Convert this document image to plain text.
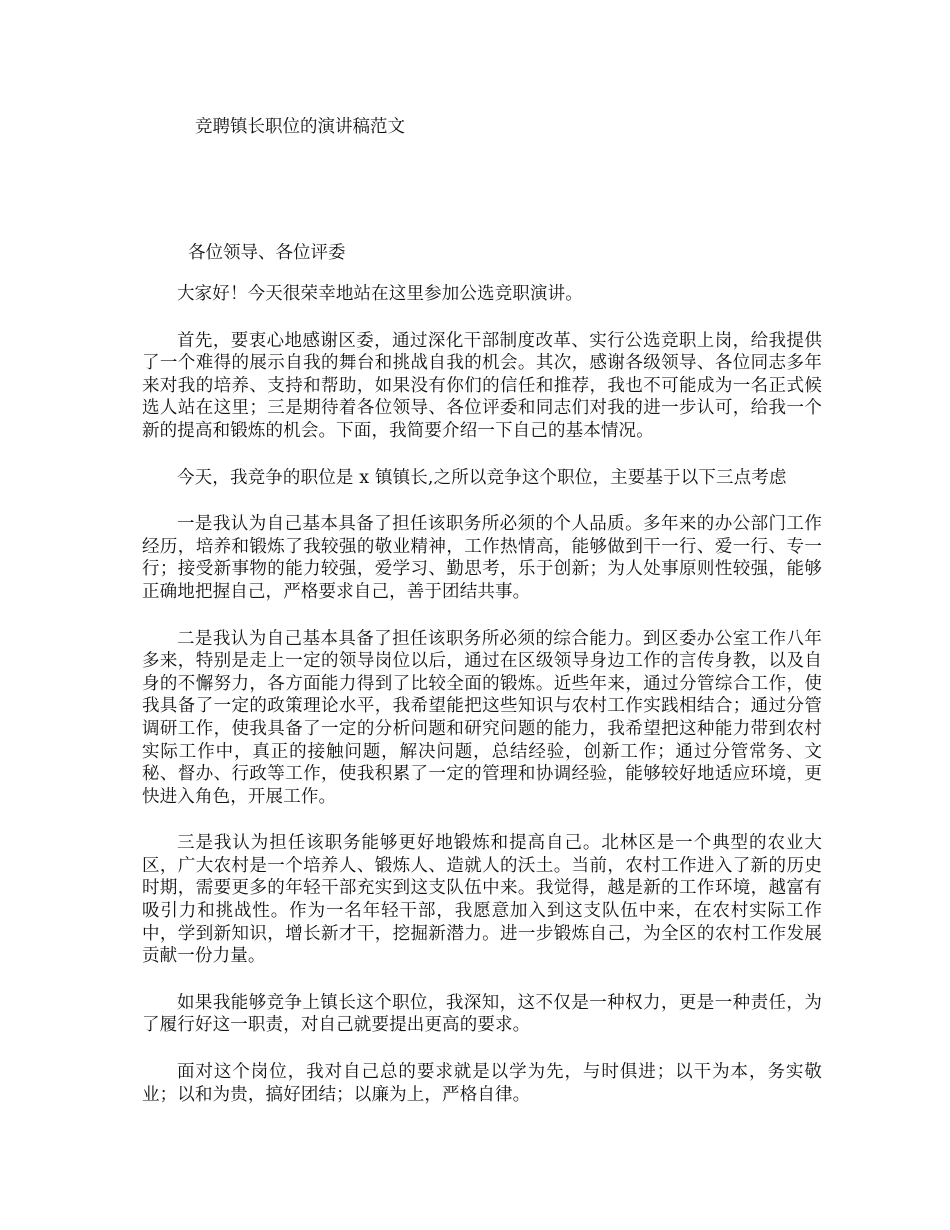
竞聘镇长职位的演讲稿范文
各位领导、各位评委

大家好！今天很荣幸地站在这里参加公选竞职演讲。

首先，要衷心地感谢区委，通过深化干部制度改革、实行公选竞职上岗，给我提供了一个难得的展示自我的舞台和挑战自我的机会。其次，感谢各级领导、各位同志多年来对我的培养、支持和帮助，如果没有你们的信任和推荐，我也不可能成为一名正式候选人站在这里；三是期待着各位领导、各位评委和同志们对我的进一步认可，给我一个新的提高和锻炼的机会。下面，我简要介绍一下自己的基本情况。

今天，我竞争的职位是 x 镇镇长,之所以竞争这个职位，主要基于以下三点考虑

一是我认为自己基本具备了担任该职务所必须的个人品质。多年来的办公部门工作经历，培养和锻炼了我较强的敬业精神，工作热情高，能够做到干一行、爱一行、专一行；接受新事物的能力较强，爱学习、勤思考，乐于创新；为人处事原则性较强，能够正确地把握自己，严格要求自己，善于团结共事。

二是我认为自己基本具备了担任该职务所必须的综合能力。到区委办公室工作八年多来，特别是走上一定的领导岗位以后，通过在区级领导身边工作的言传身教，以及自身的不懈努力，各方面能力得到了比较全面的锻炼。近些年来，通过分管综合工作，使我具备了一定的政策理论水平，我希望能把这些知识与农村工作实践相结合；通过分管调研工作，使我具备了一定的分析问题和研究问题的能力，我希望把这种能力带到农村实际工作中，真正的接触问题，解决问题，总结经验，创新工作；通过分管常务、文秘、督办、行政等工作，使我积累了一定的管理和协调经验，能够较好地适应环境，更快进入角色，开展工作。

三是我认为担任该职务能够更好地锻炼和提高自己。北林区是一个典型的农业大区，广大农村是一个培养人、锻炼人、造就人的沃土。当前，农村工作进入了新的历史时期，需要更多的年轻干部充实到这支队伍中来。我觉得，越是新的工作环境，越富有吸引力和挑战性。作为一名年轻干部，我愿意加入到这支队伍中来，在农村实际工作中，学到新知识，增长新才干，挖掘新潜力。进一步锻炼自己，为全区的农村工作发展贡献一份力量。

如果我能够竞争上镇长这个职位，我深知，这不仅是一种权力，更是一种责任，为了履行好这一职责，对自己就要提出更高的要求。

面对这个岗位，我对自己总的要求就是以学为先，与时俱进；以干为本，务实敬业；以和为贵，搞好团结；以廉为上，严格自律。
